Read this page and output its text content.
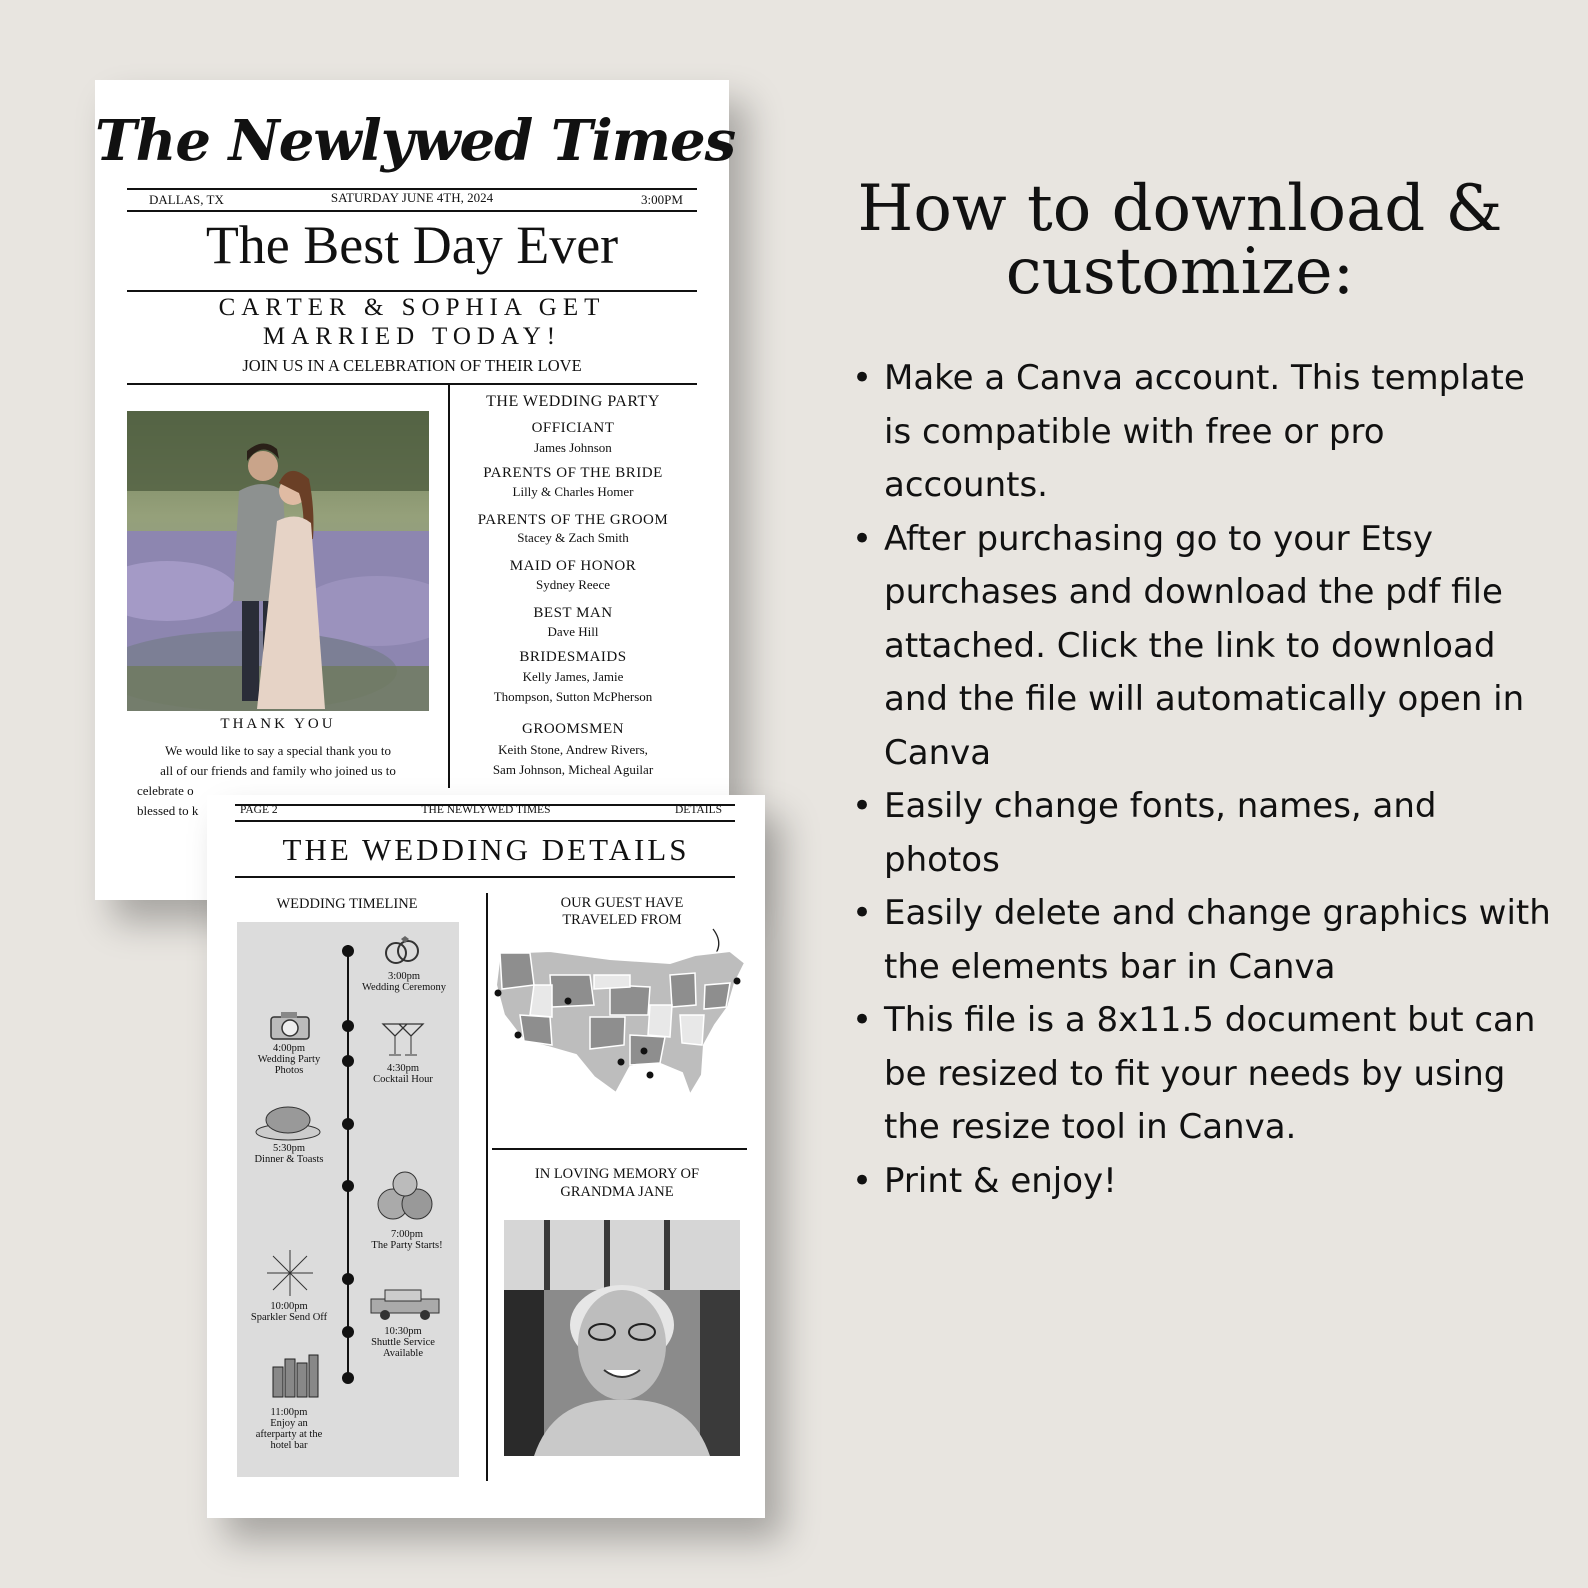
How to download &
customize:
• Make a Canva account. This template is compatible with free or pro accounts.
• After purchasing go to your Etsy purchases and download the pdf file attached. Click the link to download and the file will automatically open in Canva
• Easily change fonts, names, and photos
• Easily delete and change graphics with the elements bar in Canva
• This file is a 8x11.5 document but can be resized to fit your needs by using the resize tool in Canva.
• Print & enjoy!
The Newlywed Times
DALLAS, TX	SATURDAY JUNE 4TH, 2024	3:00PM
The Best Day Ever
CARTER & SOPHIA GET
MARRIED TODAY!
JOIN US IN A CELEBRATION OF THEIR LOVE
THANK YOU
We would like to say a special thank you to
all of our friends and family who joined us to
celebrate o
blessed to k
THE WEDDING PARTY
OFFICIANT
James Johnson
PARENTS OF THE BRIDE
Lilly & Charles Homer
PARENTS OF THE GROOM
Stacey & Zach Smith
MAID OF HONOR
Sydney Reece
BEST MAN
Dave Hill
BRIDESMAIDS
Kelly James, Jamie
Thompson, Sutton McPherson
GROOMSMEN
Keith Stone, Andrew Rivers,
Sam Johnson, Micheal Aguilar
PAGE 2	THE NEWLYWED TIMES	DETAILS
THE WEDDING DETAILS
WEDDING TIMELINE	OUR GUEST HAVE
TRAVELED FROM
IN LOVING MEMORY OF
GRANDMA JANE
3:00pm
Wedding Ceremony
4:00pm
Wedding Party
Photos	4:30pm
Cocktail Hour
5:30pm
Dinner & Toasts
7:00pm
The Party Starts!
10:00pm
Sparkler Send Off
10:30pm
Shuttle Service
Available
11:00pm
Enjoy an
afterparty at the
hotel bar
